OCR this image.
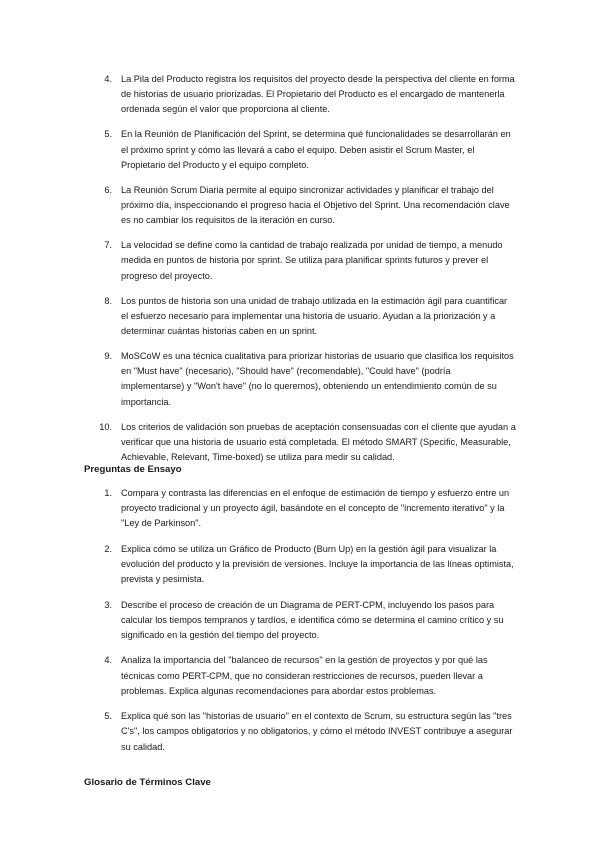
4. La Pila del Producto registra los requisitos del proyecto desde la perspectiva del cliente en forma de historias de usuario priorizadas. El Propietario del Producto es el encargado de mantenerla ordenada según el valor que proporciona al cliente.
5. En la Reunión de Planificación del Sprint, se determina qué funcionalidades se desarrollarán en el próximo sprint y cómo las llevará a cabo el equipo. Deben asistir el Scrum Master, el Propietario del Producto y el equipo completo.
6. La Reunión Scrum Diaria permite al equipo sincronizar actividades y planificar el trabajo del próximo día, inspeccionando el progreso hacia el Objetivo del Sprint. Una recomendación clave es no cambiar los requisitos de la iteración en curso.
7. La velocidad se define como la cantidad de trabajo realizada por unidad de tiempo, a menudo medida en puntos de historia por sprint. Se utiliza para planificar sprints futuros y prever el progreso del proyecto.
8. Los puntos de historia son una unidad de trabajo utilizada en la estimación ágil para cuantificar el esfuerzo necesario para implementar una historia de usuario. Ayudan a la priorización y a determinar cuántas historias caben en un sprint.
9. MoSCoW es una técnica cualitativa para priorizar historias de usuario que clasifica los requisitos en "Must have" (necesario), "Should have" (recomendable), "Could have" (podría implementarse) y "Won't have" (no lo queremos), obteniendo un entendimiento común de su importancia.
10. Los criterios de validación son pruebas de aceptación consensuadas con el cliente que ayudan a verificar que una historia de usuario está completada. El método SMART (Specific, Measurable, Achievable, Relevant, Time-boxed) se utiliza para medir su calidad.
Preguntas de Ensayo
1. Compara y contrasta las diferencias en el enfoque de estimación de tiempo y esfuerzo entre un proyecto tradicional y un proyecto ágil, basándote en el concepto de "incremento iterativo" y la "Ley de Parkinson".
2. Explica cómo se utiliza un Gráfico de Producto (Burn Up) en la gestión ágil para visualizar la evolución del producto y la previsión de versiones. Incluye la importancia de las líneas optimista, prevista y pesimista.
3. Describe el proceso de creación de un Diagrama de PERT-CPM, incluyendo los pasos para calcular los tiempos tempranos y tardíos, e identifica cómo se determina el camino crítico y su significado en la gestión del tiempo del proyecto.
4. Analiza la importancia del "balanceo de recursos" en la gestión de proyectos y por qué las técnicas como PERT-CPM, que no consideran restricciones de recursos, pueden llevar a problemas. Explica algunas recomendaciones para abordar estos problemas.
5. Explica qué son las "historias de usuario" en el contexto de Scrum, su estructura según las "tres C's", los campos obligatorios y no obligatorios, y cómo el método INVEST contribuye a asegurar su calidad.
Glosario de Términos Clave
